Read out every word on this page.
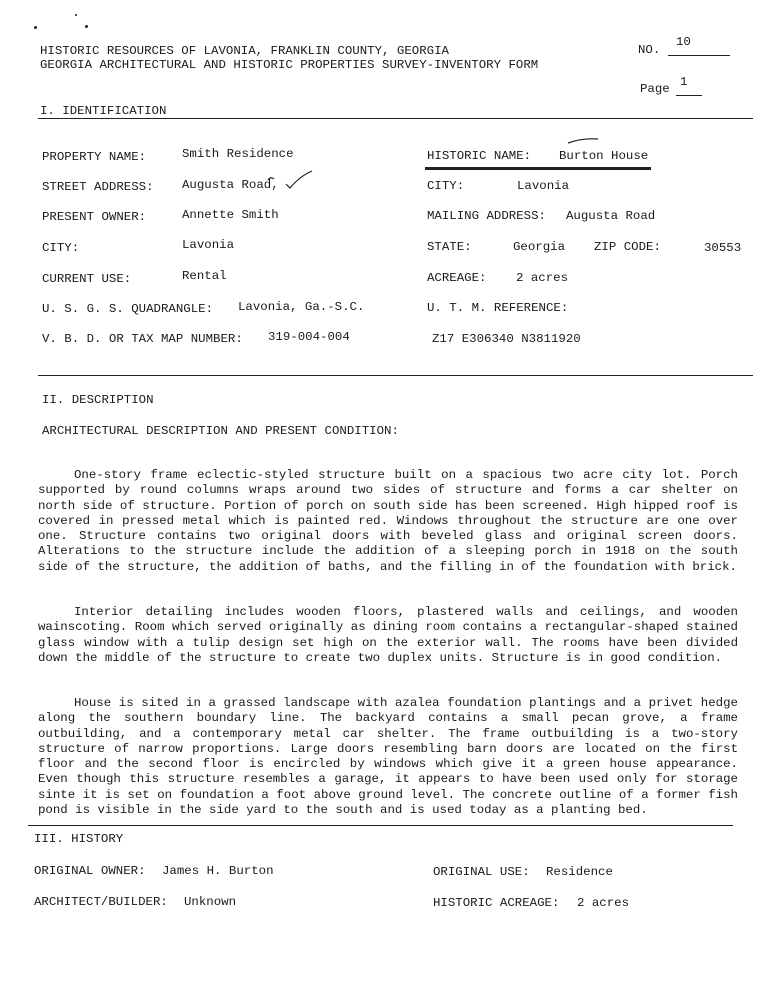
HISTORIC RESOURCES OF LAVONIA, FRANKLIN COUNTY, GEORGIA
GEORGIA ARCHITECTURAL AND HISTORIC PROPERTIES SURVEY-INVENTORY FORM
NO.
10
Page 1
I. IDENTIFICATION
PROPERTY NAME:	Smith Residence	HISTORIC NAME: Burton House
STREET ADDRESS: Augusta Road,	CITY:	Lavonia
PRESENT OWNER:	Annette Smith	MAILING ADDRESS: Augusta Road
CITY:	Lavonia	STATE:	Georgia ZIP CODE:	30553
CURRENT USE:	Rental	ACREAGE: 2 acres
U. S. G. S. QUADRANGLE: Lavonia, Ga.-S.C.	U. T. M. REFERENCE:
V. B. D. OR TAX MAP NUMBER: 319-004-004	Z17 E306340 N3811920
II. DESCRIPTION
ARCHITECTURAL DESCRIPTION AND PRESENT CONDITION:
One-story frame eclectic-styled structure built on a spacious two acre city lot. Porch supported by round columns wraps around two sides of structure and forms a car shelter on north side of structure. Portion of porch on south side has been screened. High hipped roof is covered in pressed metal which is painted red. Windows throughout the structure are one over one. Structure contains two original doors with beveled glass and original screen doors. Alterations to the structure include the addition of a sleeping porch in 1918 on the south side of the structure, the addition of baths, and the filling in of the foundation with brick.
Interior detailing includes wooden floors, plastered walls and ceilings, and wooden wainscoting. Room which served originally as dining room contains a rectangular-shaped stained glass window with a tulip design set high on the exterior wall. The rooms have been divided down the middle of the structure to create two duplex units. Structure is in good condition.
House is sited in a grassed landscape with azalea foundation plantings and a privet hedge along the southern boundary line. The backyard contains a small pecan grove, a frame outbuilding, and a contemporary metal car shelter. The frame outbuilding is a two-story structure of narrow proportions. Large doors resembling barn doors are located on the first floor and the second floor is encircled by windows which give it a green house appearance. Even though this structure resembles a garage, it appears to have been used only for storage sinte it is set on foundation a foot above ground level. The concrete outline of a former fish pond is visible in the side yard to the south and is used today as a planting bed.
III. HISTORY
ORIGINAL OWNER: James H. Burton	ORIGINAL USE: Residence
ARCHITECT/BUILDER: Unknown	HISTORIC ACREAGE: 2 acres
